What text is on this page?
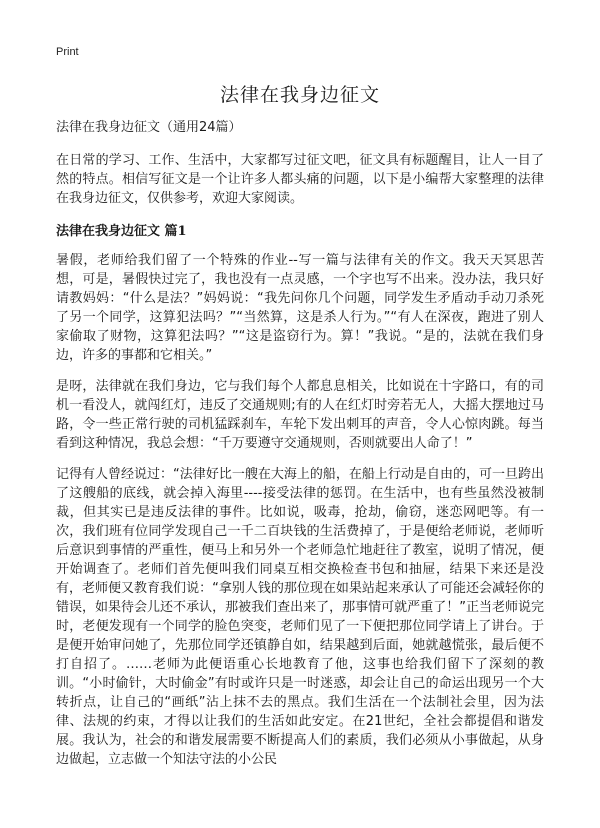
Print
法律在我身边征文

法律在我身边征文（通用24篇）

在日常的学习、工作、生活中，大家都写过征文吧，征文具有标题醒目，让人一目了然的特点。相信写征文是一个让许多人都头痛的问题，以下是小编帮大家整理的法律在我身边征文，仅供参考，欢迎大家阅读。

法律在我身边征文 篇1

暑假，老师给我们留了一个特殊的作业--写一篇与法律有关的作文。我天天冥思苦想，可是，暑假快过完了，我也没有一点灵感，一个字也写不出来。没办法，我只好请教妈妈：“什么是法？”妈妈说：“我先问你几个问题，同学发生矛盾动手动刀杀死了另一个同学，这算犯法吗？”“当然算，这是杀人行为。”“有人在深夜，跑进了别人家偷取了财物，这算犯法吗？”“这是盗窃行为。算！”我说。“是的，法就在我们身边，许多的事都和它相关。”

是呀，法律就在我们身边，它与我们每个人都息息相关，比如说在十字路口，有的司机一看没人，就闯红灯，违反了交通规则;有的人在红灯时旁若无人，大摇大摆地过马路，令一些正常行驶的司机猛踩刹车，车轮下发出刺耳的声音，令人心惊肉跳。每当看到这种情况，我总会想：“千万要遵守交通规则，否则就要出人命了！”

记得有人曾经说过：“法律好比一艘在大海上的船，在船上行动是自由的，可一旦跨出了这艘船的底线，就会掉入海里----接受法律的惩罚。在生活中，也有些虽然没被制裁，但其实已是违反法律的事件。比如说，吸毒，抢劫，偷窃，迷恋网吧等。有一次，我们班有位同学发现自己一千二百块钱的生活费掉了，于是便给老师说，老师听后意识到事情的严重性，便马上和另外一个老师急忙地赶往了教室，说明了情况，便开始调查了。老师们首先便叫我们同桌互相交换检查书包和抽屉，结果下来还是没有，老师便又教育我们说：“拿别人钱的那位现在如果站起来承认了可能还会减轻你的错误，如果待会儿还不承认，那被我们查出来了，那事情可就严重了！”正当老师说完时，老便发现有一个同学的脸色突变，老师们见了一下便把那位同学请上了讲台。于是便开始审问她了，先那位同学还镇静自如，结果越到后面，她就越慌张，最后便不打自招了。……老师为此便语重心长地教育了他，这事也给我们留下了深刻的教训。“小时偷针，大时偷金”有时或许只是一时迷惑，却会让自己的命运出现另一个大转折点，让自己的“画纸”沾上抹不去的黑点。我们生活在一个法制社会里，因为法律、法规的约束，才得以让我们的生活如此安定。在21世纪，全社会都提倡和谐发展。我认为，社会的和谐发展需要不断提高人们的素质，我们必须从小事做起，从身边做起，立志做一个知法守法的小公民
